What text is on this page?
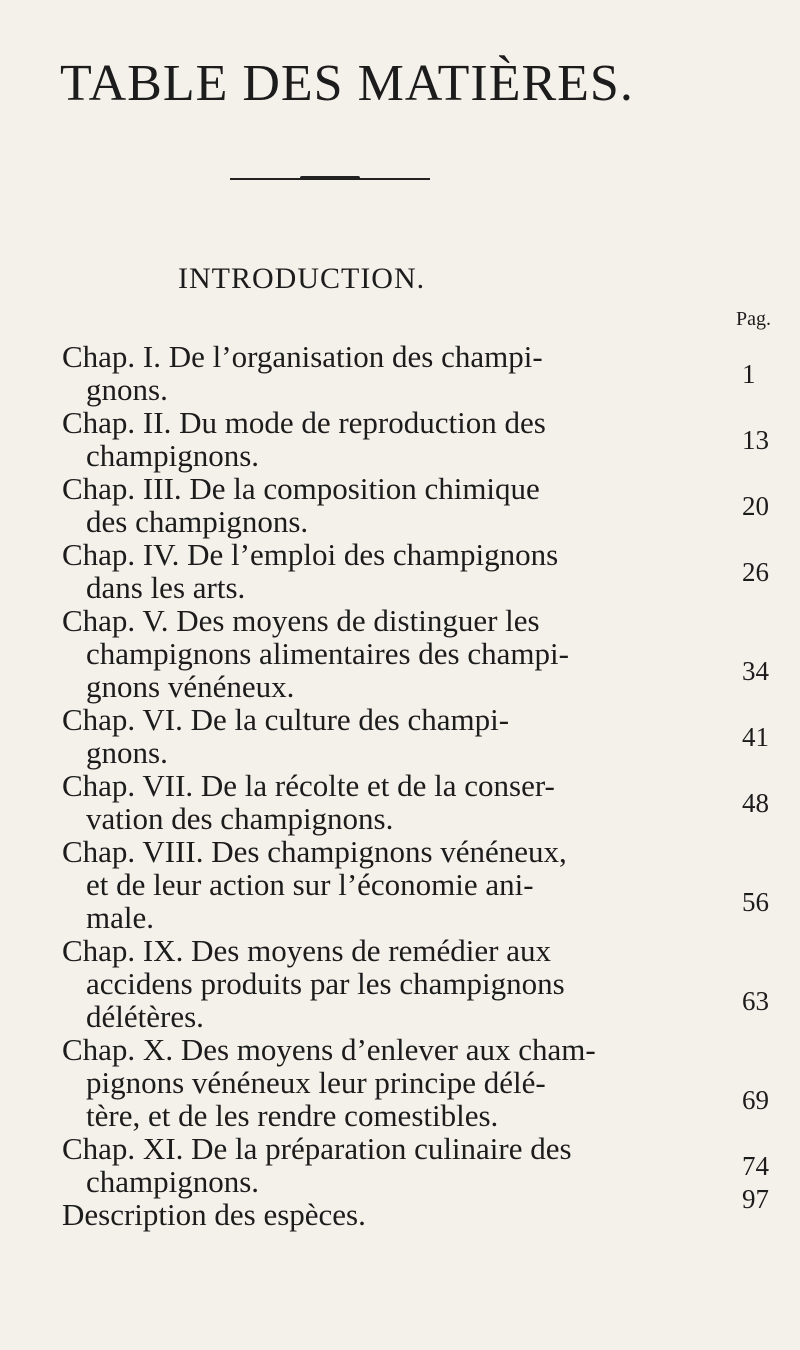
TABLE DES MATIÈRES.
INTRODUCTION.
Pag.
Chap. I. De l’organisation des champi-
gnons.	1
Chap. II. Du mode de reproduction des
champignons.	13
Chap. III. De la composition chimique
des champignons.	20
Chap. IV. De l’emploi des champignons
dans les arts.	26
Chap. V. Des moyens de distinguer les
champignons alimentaires des champi-
gnons vénéneux.	34
Chap. VI. De la culture des champi-
gnons.	41
Chap. VII. De la récolte et de la conser-
vation des champignons.	48
Chap. VIII. Des champignons vénéneux,
et de leur action sur l’économie ani-
male.	56
Chap. IX. Des moyens de remédier aux
accidens produits par les champignons
délétères.	63
Chap. X. Des moyens d’enlever aux cham-
pignons vénéneux leur principe délé-
tère, et de les rendre comestibles.	69
Chap. XI. De la préparation culinaire des
champignons.	74
Description des espèces.	97
